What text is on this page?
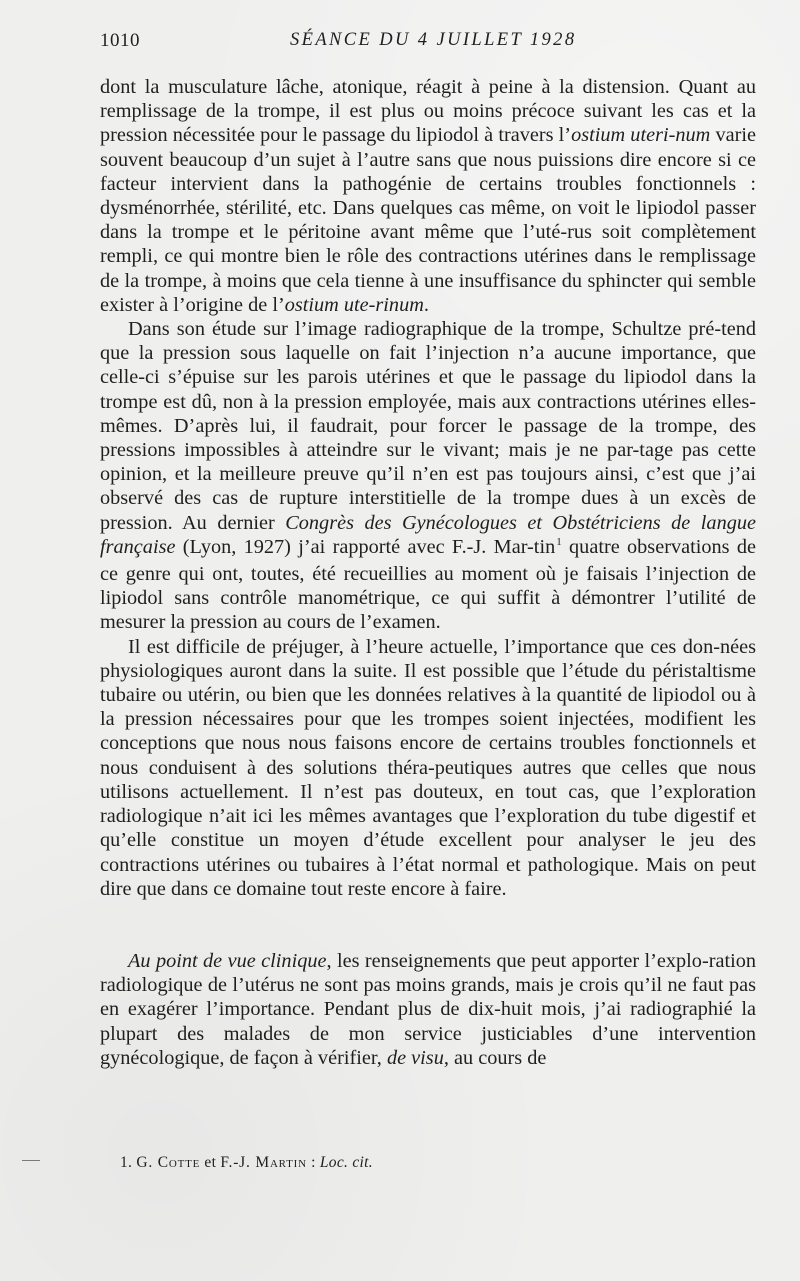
1010	SÉANCE DU 4 JUILLET 1928

dont la musculature lâche, atonique, réagit à peine à la distension. Quant au remplissage de la trompe, il est plus ou moins précoce suivant les cas et la pression nécessitée pour le passage du lipiodol à travers l’ostium uteri-num varie souvent beaucoup d’un sujet à l’autre sans que nous puissions dire encore si ce facteur intervient dans la pathogénie de certains troubles fonctionnels : dysménorrhée, stérilité, etc. Dans quelques cas même, on voit le lipiodol passer dans la trompe et le péritoine avant même que l’uté-rus soit complètement rempli, ce qui montre bien le rôle des contractions utérines dans le remplissage de la trompe, à moins que cela tienne à une insuffisance du sphincter qui semble exister à l’origine de l’ostium ute-rinum.

Dans son étude sur l’image radiographique de la trompe, Schultze pré-tend que la pression sous laquelle on fait l’injection n’a aucune importance, que celle-ci s’épuise sur les parois utérines et que le passage du lipiodol dans la trompe est dû, non à la pression employée, mais aux contractions utérines elles-mêmes. D’après lui, il faudrait, pour forcer le passage de la trompe, des pressions impossibles à atteindre sur le vivant; mais je ne par-tage pas cette opinion, et la meilleure preuve qu’il n’en est pas toujours ainsi, c’est que j’ai observé des cas de rupture interstitielle de la trompe dues à un excès de pression. Au dernier Congrès des Gynécologues et Obstétriciens de langue française (Lyon, 1927) j’ai rapporté avec F.-J. Mar-tin$^1$ quatre observations de ce genre qui ont, toutes, été recueillies au moment où je faisais l’injection de lipiodol sans contrôle manométrique, ce qui suffit à démontrer l’utilité de mesurer la pression au cours de l’examen.

Il est difficile de préjuger, à l’heure actuelle, l’importance que ces don-nées physiologiques auront dans la suite. Il est possible que l’étude du péristaltisme tubaire ou utérin, ou bien que les données relatives à la quantité de lipiodol ou à la pression nécessaires pour que les trompes soient injectées, modifient les conceptions que nous nous faisons encore de certains troubles fonctionnels et nous conduisent à des solutions théra-peutiques autres que celles que nous utilisons actuellement. Il n’est pas douteux, en tout cas, que l’exploration radiologique n’ait ici les mêmes avantages que l’exploration du tube digestif et qu’elle constitue un moyen d’étude excellent pour analyser le jeu des contractions utérines ou tubaires à l’état normal et pathologique. Mais on peut dire que dans ce domaine tout reste encore à faire.

Au point de vue clinique, les renseignements que peut apporter l’explo-ration radiologique de l’utérus ne sont pas moins grands, mais je crois qu’il ne faut pas en exagérer l’importance. Pendant plus de dix-huit mois, j’ai radiographié la plupart des malades de mon service justiciables d’une intervention gynécologique, de façon à vérifier, de visu, au cours de

1. G. Cotte et F.-J. Martin : Loc. cit.
